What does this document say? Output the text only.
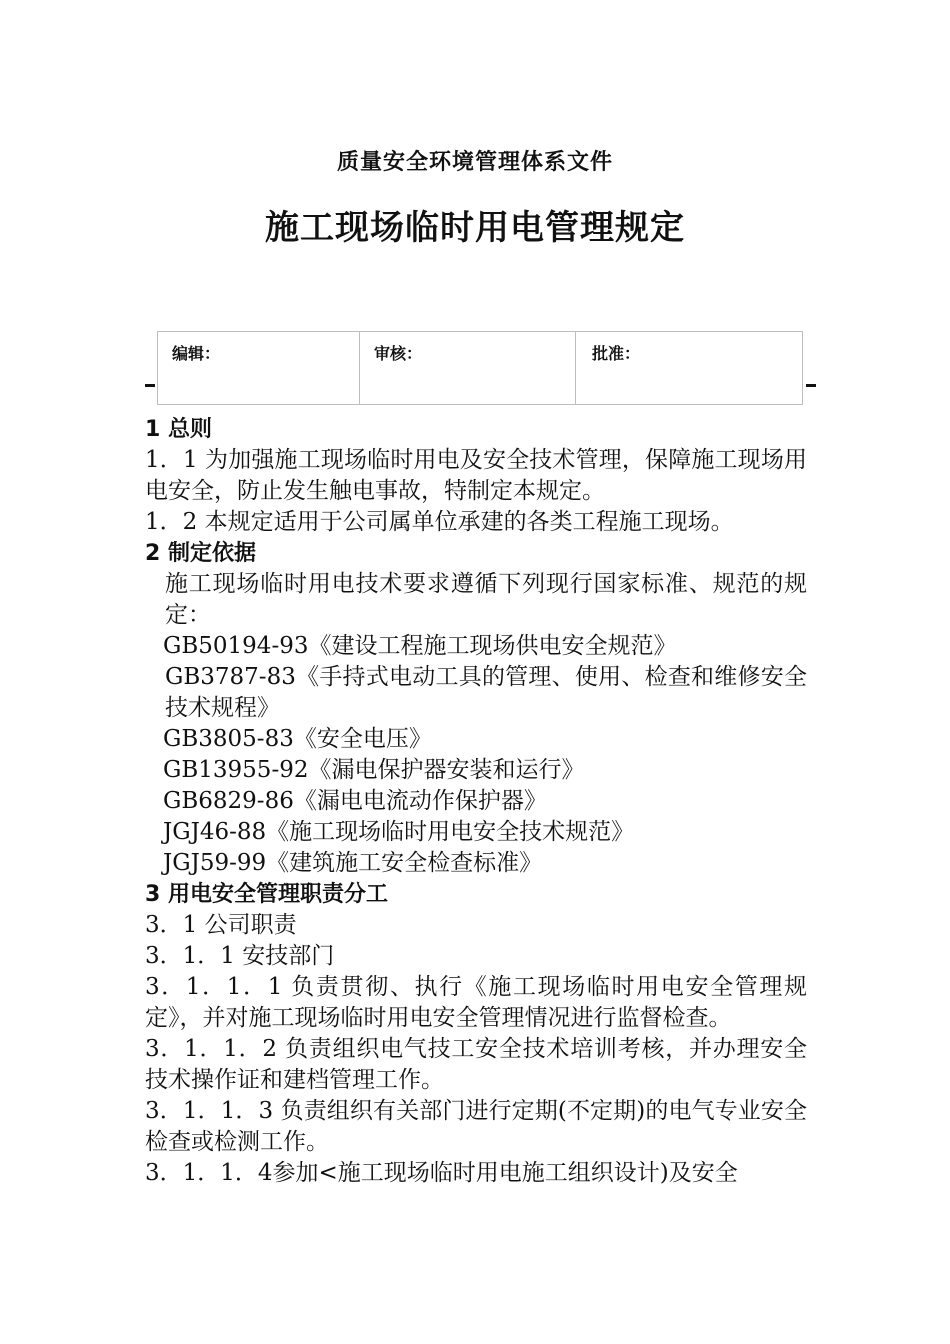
质量安全环境管理体系文件
施工现场临时用电管理规定
编辑：	审核：	批准：

1 总则

1．1 为加强施工现场临时用电及安全技术管理，保障施工现场用电安全，防止发生触电事故，特制定本规定。

1．2 本规定适用于公司属单位承建的各类工程施工现场。

2 制定依据

施工现场临时用电技术要求遵循下列现行国家标准、规范的规定：

GB50194-93《建设工程施工现场供电安全规范》

GB3787-83《手持式电动工具的管理、使用、检查和维修安全技术规程》

GB3805-83《安全电压》

GB13955-92《漏电保护器安装和运行》

GB6829-86《漏电电流动作保护器》

JGJ46-88《施工现场临时用电安全技术规范》

JGJ59-99《建筑施工安全检查标准》

3 用电安全管理职责分工

3．1 公司职责

3．1．1 安技部门

3．1．1．1 负责贯彻、执行《施工现场临时用电安全管理规定》，并对施工现场临时用电安全管理情况进行监督检查。

3．1．1．2 负责组织电气技工安全技术培训考核，并办理安全技术操作证和建档管理工作。

3．1．1．3 负责组织有关部门进行定期(不定期)的电气专业安全检查或检测工作。

3．1．1．4参加<施工现场临时用电施工组织设计)及安全
